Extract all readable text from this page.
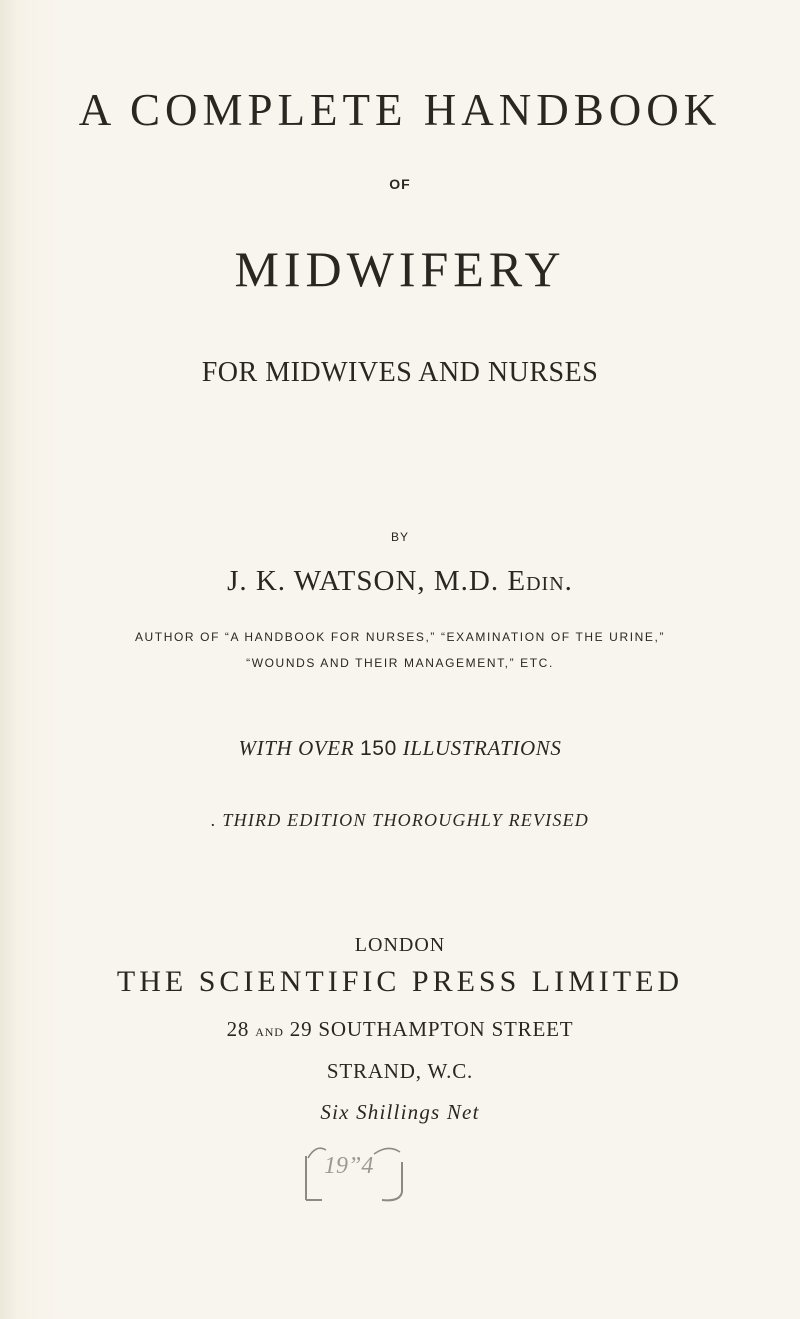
A COMPLETE HANDBOOK
OF
MIDWIFERY
FOR MIDWIVES AND NURSES
BY
J. K. WATSON, M.D. Edin.
AUTHOR OF “A HANDBOOK FOR NURSES,” “EXAMINATION OF THE URINE,”
“WOUNDS AND THEIR MANAGEMENT,” ETC.
WITH OVER 150 ILLUSTRATIONS
. THIRD EDITION THOROUGHLY REVISED
LONDON
THE SCIENTIFIC PRESS LIMITED
28 and 29 SOUTHAMPTON STREET
STRAND, W.C.
Six Shillings Net
19”4
